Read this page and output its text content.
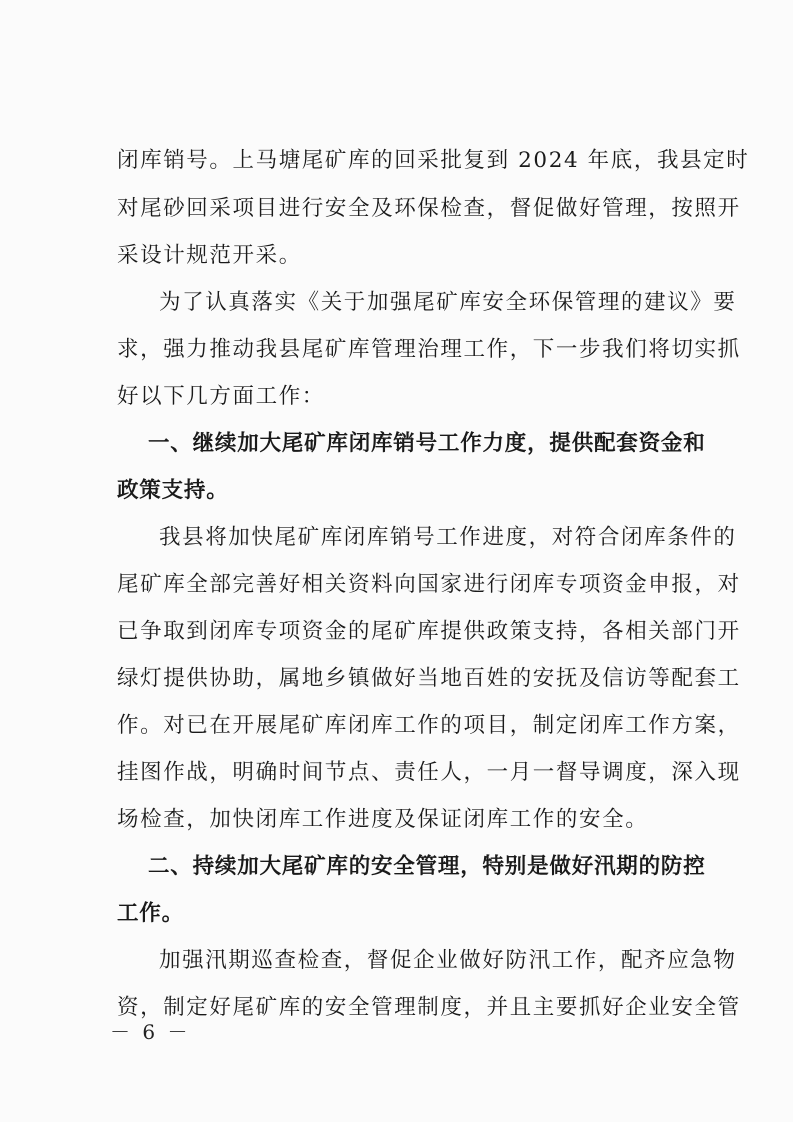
闭库销号。上马塘尾矿库的回采批复到 2024 年底，我县定时
对尾砂回采项目进行安全及环保检查，督促做好管理，按照开
采设计规范开采。
为了认真落实《关于加强尾矿库安全环保管理的建议》要
求，强力推动我县尾矿库管理治理工作，下一步我们将切实抓
好以下几方面工作：
一、继续加大尾矿库闭库销号工作力度，提供配套资金和
政策支持。
我县将加快尾矿库闭库销号工作进度，对符合闭库条件的
尾矿库全部完善好相关资料向国家进行闭库专项资金申报，对
已争取到闭库专项资金的尾矿库提供政策支持，各相关部门开
绿灯提供协助，属地乡镇做好当地百姓的安抚及信访等配套工
作。对已在开展尾矿库闭库工作的项目，制定闭库工作方案，
挂图作战，明确时间节点、责任人，一月一督导调度，深入现
场检查，加快闭库工作进度及保证闭库工作的安全。
二、持续加大尾矿库的安全管理，特别是做好汛期的防控
工作。
加强汛期巡查检查，督促企业做好防汛工作，配齐应急物
资，制定好尾矿库的安全管理制度，并且主要抓好企业安全管
－ 6 －
